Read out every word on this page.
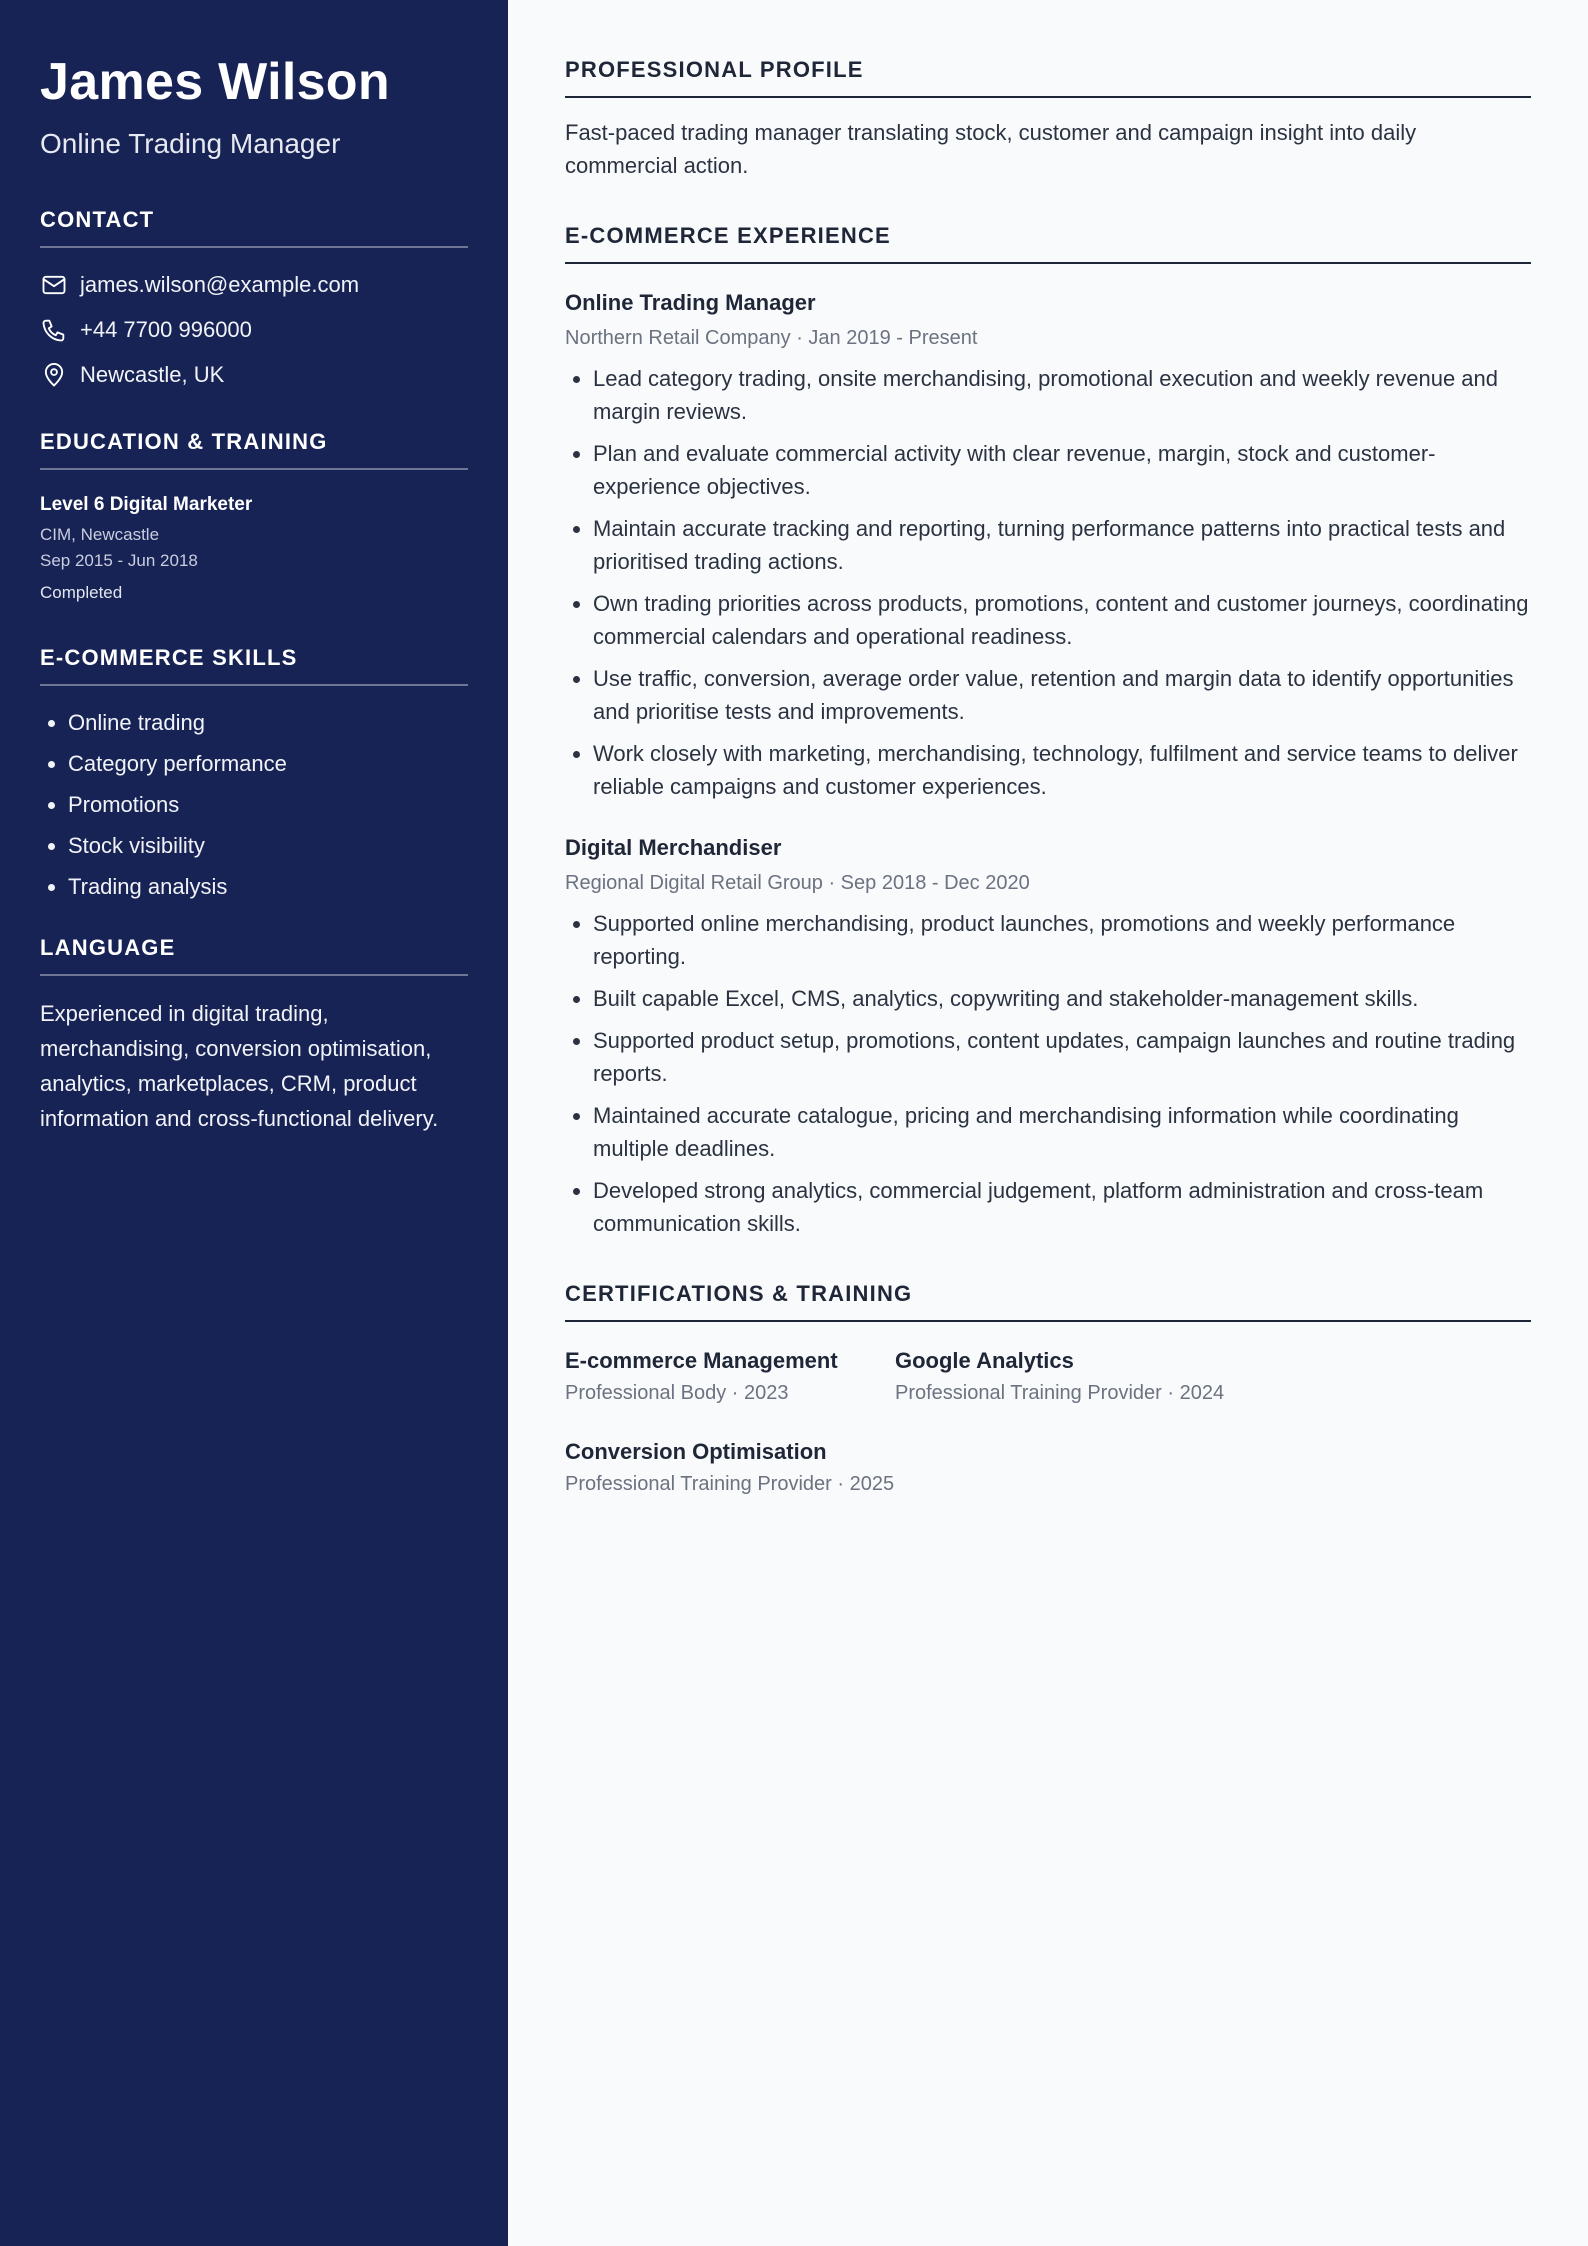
James Wilson

Online Trading Manager

CONTACT
james.wilson@example.com
+44 7700 996000
Newcastle, UK
EDUCATION & TRAINING

Level 6 Digital Marketer

CIM, Newcastle

Sep 2015 - Jun 2018

Completed

E-COMMERCE SKILLS
• Online trading
• Category performance
• Promotions
• Stock visibility
• Trading analysis
LANGUAGE

Experienced in digital trading, merchandising, conversion optimisation, analytics, marketplaces, CRM, product information and cross-functional delivery.

PROFESSIONAL PROFILE

Fast-paced trading manager translating stock, customer and campaign insight into daily commercial action.

E-COMMERCE EXPERIENCE

Online Trading Manager

Northern Retail Company · Jan 2019 - Present

• Lead category trading, onsite merchandising, promotional execution and weekly revenue and margin reviews.
• Plan and evaluate commercial activity with clear revenue, margin, stock and customer-experience objectives.
• Maintain accurate tracking and reporting, turning performance patterns into practical tests and prioritised trading actions.
• Own trading priorities across products, promotions, content and customer journeys, coordinating commercial calendars and operational readiness.
• Use traffic, conversion, average order value, retention and margin data to identify opportunities and prioritise tests and improvements.
• Work closely with marketing, merchandising, technology, fulfilment and service teams to deliver reliable campaigns and customer experiences.

Digital Merchandiser

Regional Digital Retail Group · Sep 2018 - Dec 2020

• Supported online merchandising, product launches, promotions and weekly performance reporting.
• Built capable Excel, CMS, analytics, copywriting and stakeholder-management skills.
• Supported product setup, promotions, content updates, campaign launches and routine trading reports.
• Maintained accurate catalogue, pricing and merchandising information while coordinating multiple deadlines.
• Developed strong analytics, commercial judgement, platform administration and cross-team communication skills.
CERTIFICATIONS & TRAINING

E-commerce Management

Professional Body · 2023

Google Analytics

Professional Training Provider · 2024

Conversion Optimisation

Professional Training Provider · 2025
